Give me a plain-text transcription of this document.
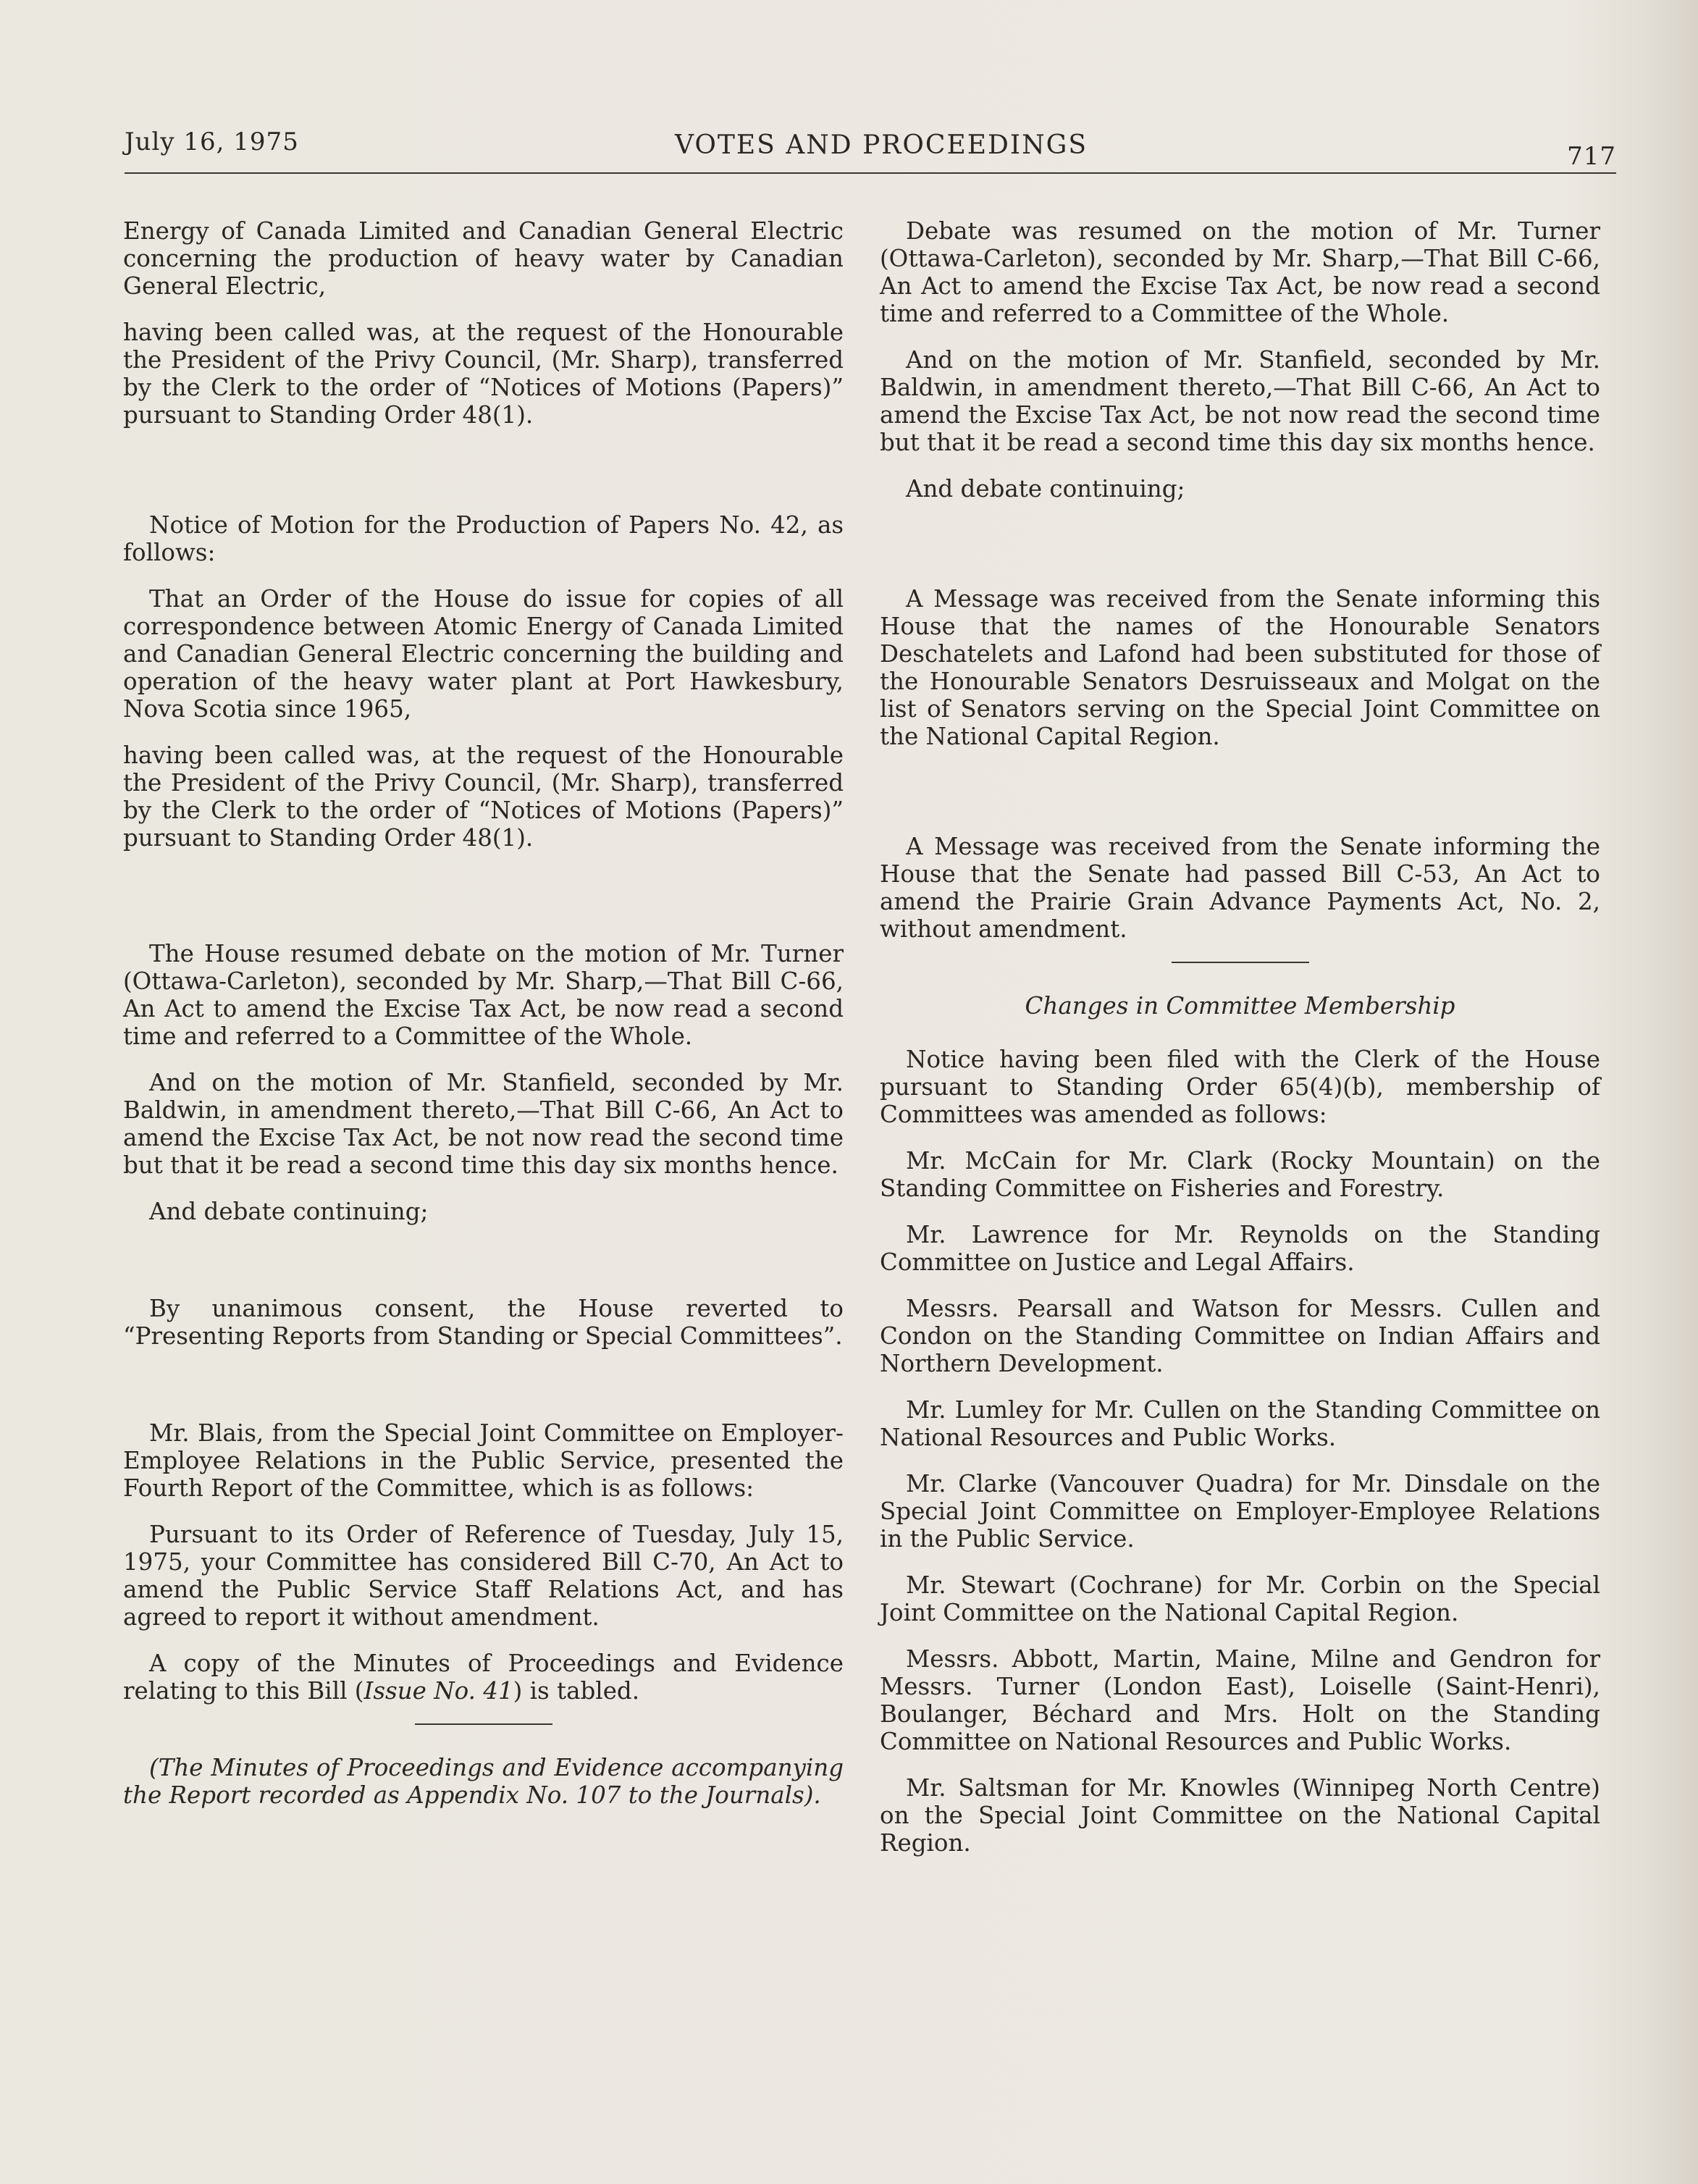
July 16, 1975	VOTES AND PROCEEDINGS	717

Energy of Canada Limited and Canadian General Electric concerning the production of heavy water by Canadian General Electric,

having been called was, at the request of the Honourable the President of the Privy Council, (Mr. Sharp), transferred by the Clerk to the order of “Notices of Motions (Papers)” pursuant to Standing Order 48(1).

Notice of Motion for the Production of Papers No. 42, as follows:

That an Order of the House do issue for copies of all correspondence between Atomic Energy of Canada Limited and Canadian General Electric concerning the building and operation of the heavy water plant at Port Hawkesbury, Nova Scotia since 1965,

having been called was, at the request of the Honourable the President of the Privy Council, (Mr. Sharp), transferred by the Clerk to the order of “Notices of Motions (Papers)” pursuant to Standing Order 48(1).

The House resumed debate on the motion of Mr. Turner (Ottawa-Carleton), seconded by Mr. Sharp,—That Bill C-66, An Act to amend the Excise Tax Act, be now read a second time and referred to a Committee of the Whole.

And on the motion of Mr. Stanfield, seconded by Mr. Baldwin, in amendment thereto,—That Bill C-66, An Act to amend the Excise Tax Act, be not now read the second time but that it be read a second time this day six months hence.

And debate continuing;

By unanimous consent, the House reverted to “Presenting Reports from Standing or Special Committees”.

Mr. Blais, from the Special Joint Committee on Employer-Employee Relations in the Public Service, presented the Fourth Report of the Committee, which is as follows:

Pursuant to its Order of Reference of Tuesday, July 15, 1975, your Committee has considered Bill C-70, An Act to amend the Public Service Staff Relations Act, and has agreed to report it without amendment.

A copy of the Minutes of Proceedings and Evidence relating to this Bill (Issue No. 41) is tabled.

(The Minutes of Proceedings and Evidence accompanying the Report recorded as Appendix No. 107 to the Journals).

Debate was resumed on the motion of Mr. Turner (Ottawa-Carleton), seconded by Mr. Sharp,—That Bill C-66, An Act to amend the Excise Tax Act, be now read a second time and referred to a Committee of the Whole.

And on the motion of Mr. Stanfield, seconded by Mr. Baldwin, in amendment thereto,—That Bill C-66, An Act to amend the Excise Tax Act, be not now read the second time but that it be read a second time this day six months hence.

And debate continuing;

A Message was received from the Senate informing this House that the names of the Honourable Senators Deschatelets and Lafond had been substituted for those of the Honourable Senators Desruisseaux and Molgat on the list of Senators serving on the Special Joint Committee on the National Capital Region.

A Message was received from the Senate informing the House that the Senate had passed Bill C-53, An Act to amend the Prairie Grain Advance Payments Act, No. 2, without amendment.

Changes in Committee Membership

Notice having been filed with the Clerk of the House pursuant to Standing Order 65(4)(b), membership of Committees was amended as follows:

Mr. McCain for Mr. Clark (Rocky Mountain) on the Standing Committee on Fisheries and Forestry.

Mr. Lawrence for Mr. Reynolds on the Standing Committee on Justice and Legal Affairs.

Messrs. Pearsall and Watson for Messrs. Cullen and Condon on the Standing Committee on Indian Affairs and Northern Development.

Mr. Lumley for Mr. Cullen on the Standing Committee on National Resources and Public Works.

Mr. Clarke (Vancouver Quadra) for Mr. Dinsdale on the Special Joint Committee on Employer-Employee Relations in the Public Service.

Mr. Stewart (Cochrane) for Mr. Corbin on the Special Joint Committee on the National Capital Region.

Messrs. Abbott, Martin, Maine, Milne and Gendron for Messrs. Turner (London East), Loiselle (Saint-Henri), Boulanger, Béchard and Mrs. Holt on the Standing Committee on National Resources and Public Works.

Mr. Saltsman for Mr. Knowles (Winnipeg North Centre) on the Special Joint Committee on the National Capital Region.
